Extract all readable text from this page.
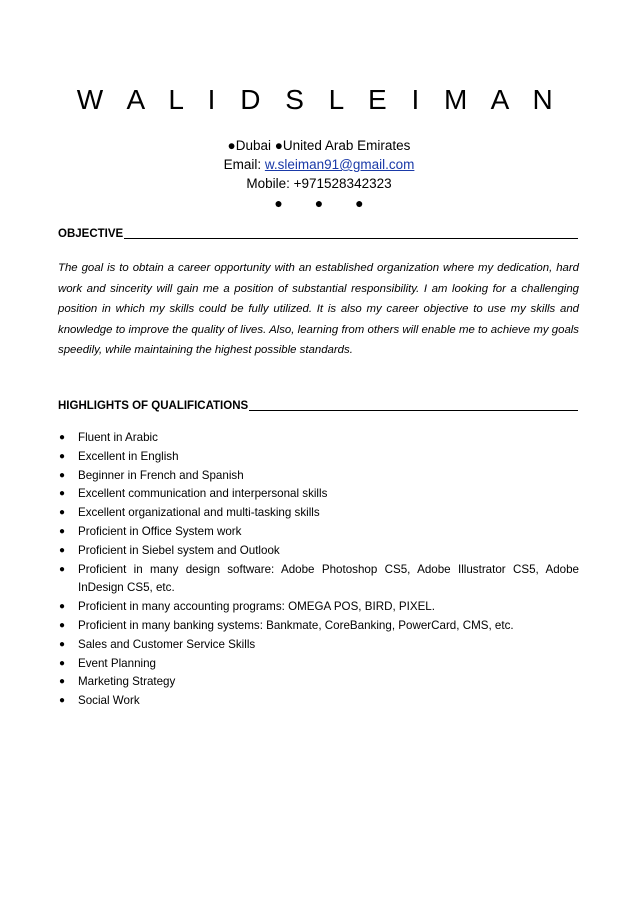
W A L I D S L E I M A N
●Dubai ●United Arab Emirates
Email: w.sleiman91@gmail.com
Mobile: +971528342323
● ● ●
OBJECTIVE

The goal is to obtain a career opportunity with an established organization where my dedication, hard work and sincerity will gain me a position of substantial responsibility. I am looking for a challenging position in which my skills could be fully utilized. It is also my career objective to use my skills and knowledge to improve the quality of lives. Also, learning from others will enable me to achieve my goals speedily, while maintaining the highest possible standards.

HIGHLIGHTS OF QUALIFICATIONS
● Fluent in Arabic
● Excellent in English
● Beginner in French and Spanish
● Excellent communication and interpersonal skills
● Excellent organizational and multi-tasking skills
● Proficient in Office System work
● Proficient in Siebel system and Outlook
● Proficient in many design software: Adobe Photoshop CS5, Adobe Illustrator CS5, Adobe InDesign CS5, etc.
● Proficient in many accounting programs: OMEGA POS, BIRD, PIXEL.
● Proficient in many banking systems: Bankmate, CoreBanking, PowerCard, CMS, etc.
● Sales and Customer Service Skills
● Event Planning
● Marketing Strategy
● Social Work
